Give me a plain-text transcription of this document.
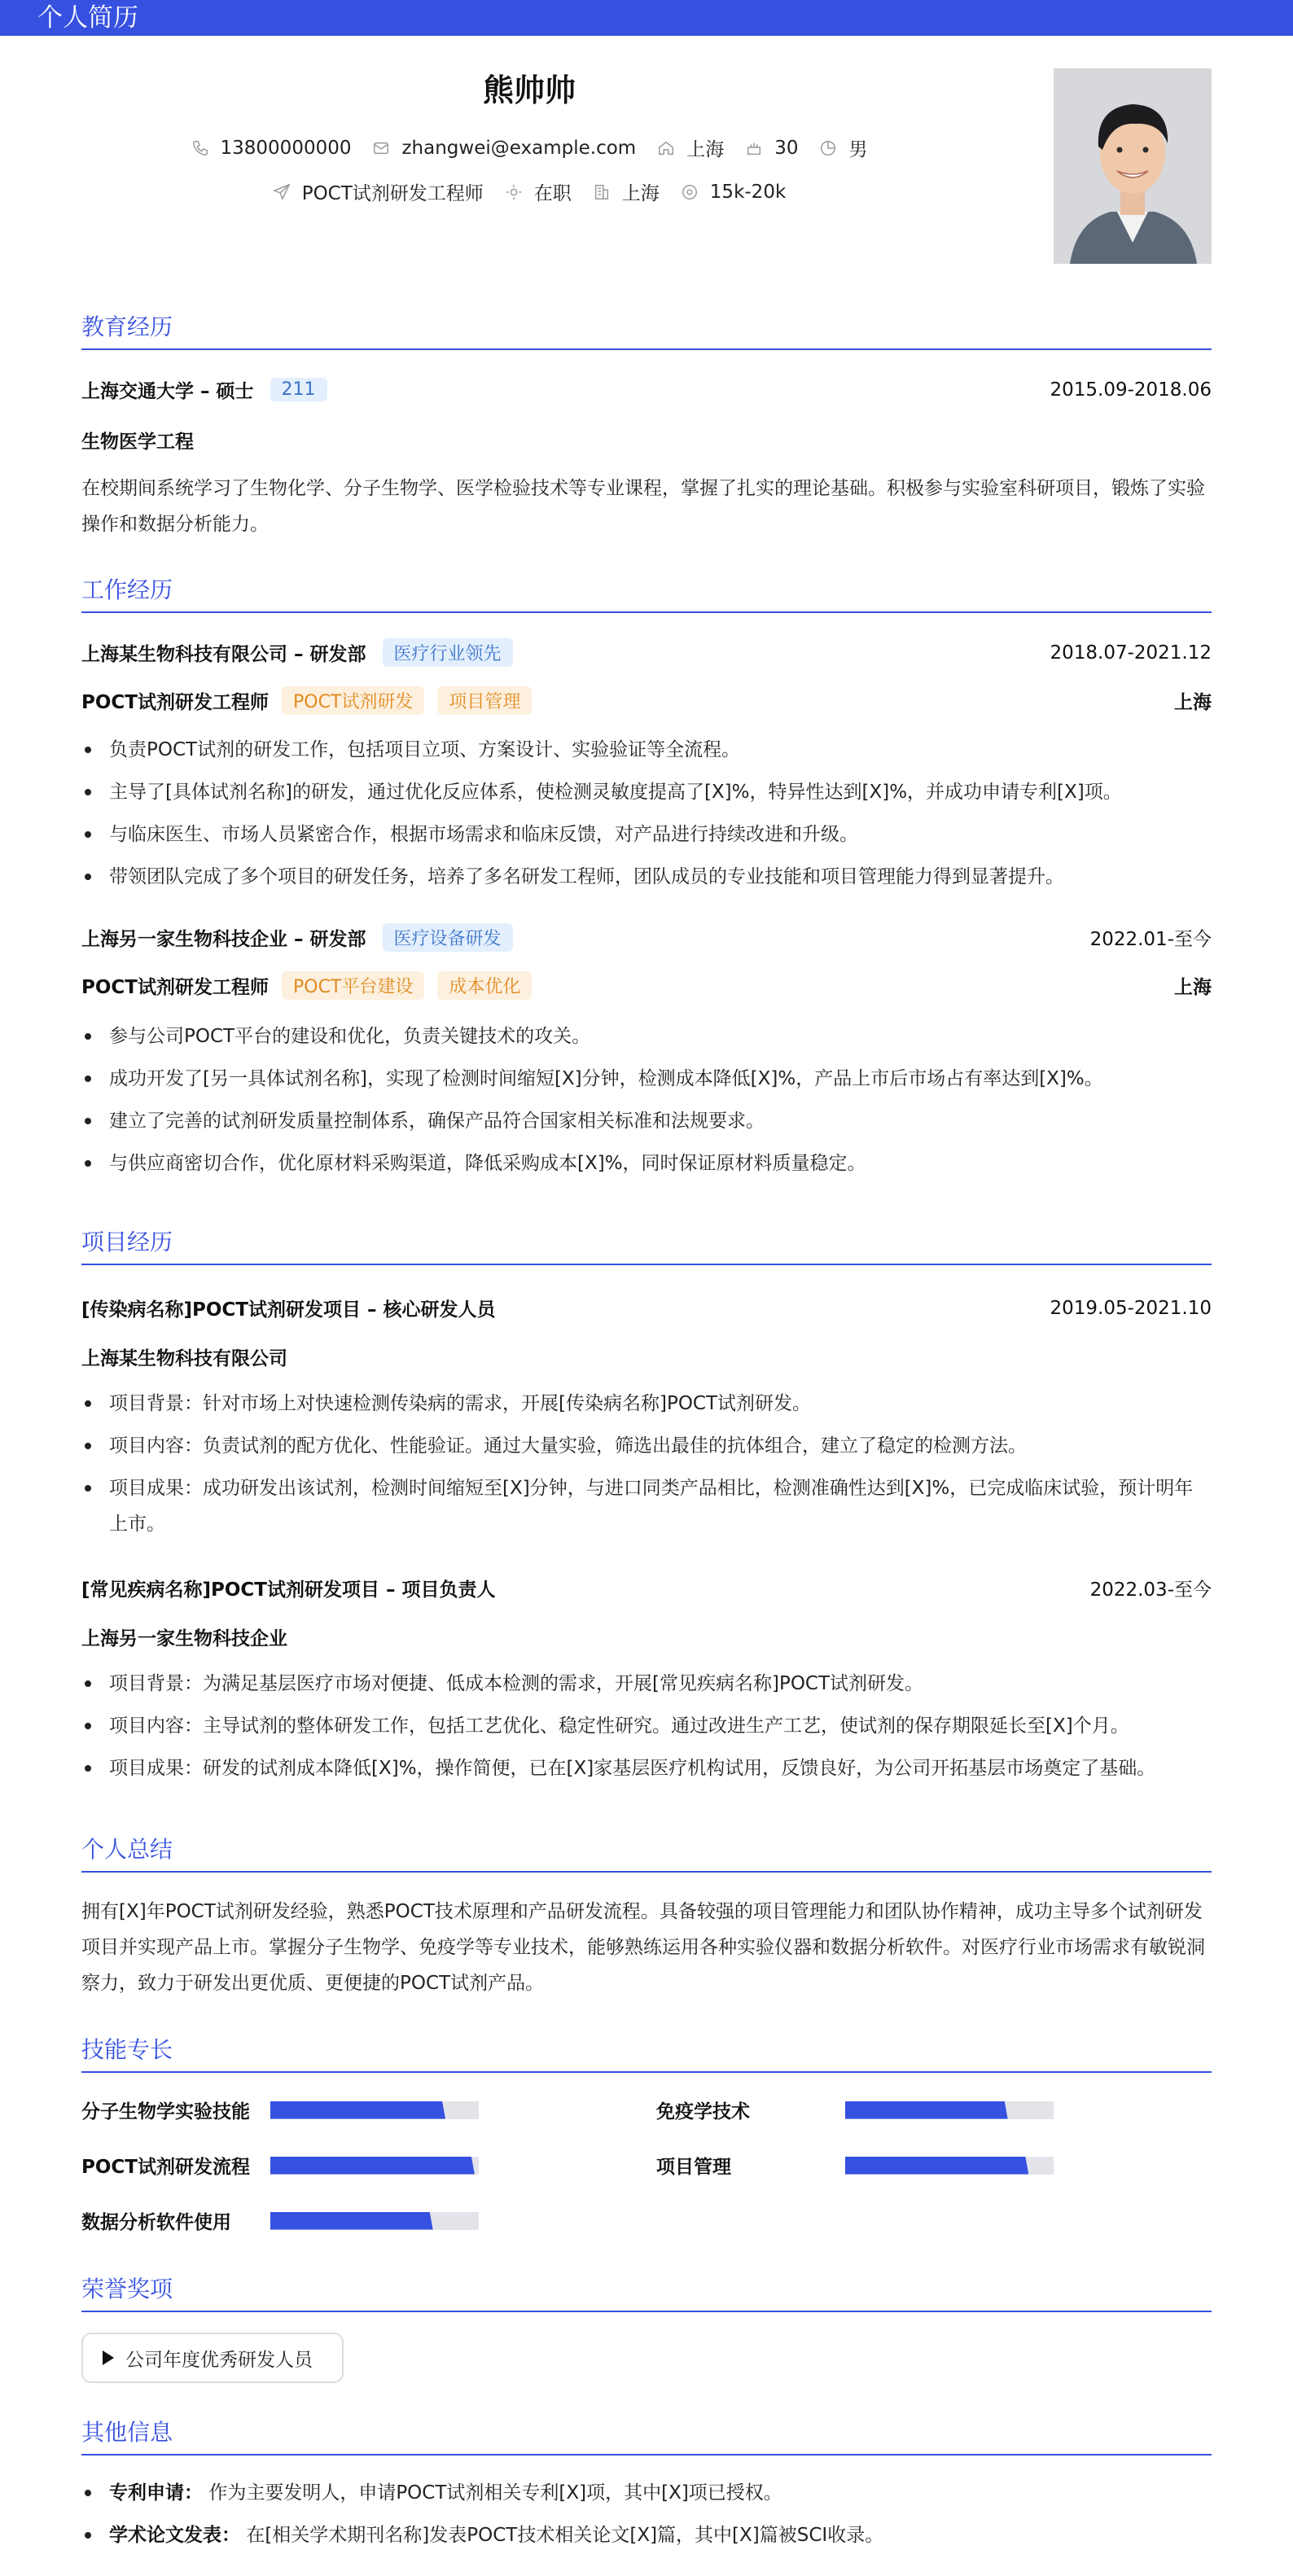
个人简历
熊帅帅
13800000000	zhangwei@example.com	上海	30	男
POCT试剂研发工程师	在职	上海	15k-20k
教育经历
上海交通大学 – 硕士	211	2015.09-2018.06
生物医学工程
在校期间系统学习了生物化学、分子生物学、医学检验技术等专业课程，掌握了扎实的理论基础。积极参与实验室科研项目，锻炼了实验操作和数据分析能力。
工作经历
上海某生物科技有限公司 – 研发部	医疗行业领先	2018.07-2021.12
POCT试剂研发工程师	POCT试剂研发	项目管理	上海
负责POCT试剂的研发工作，包括项目立项、方案设计、实验验证等全流程。
主导了[具体试剂名称]的研发，通过优化反应体系，使检测灵敏度提高了[X]%，特异性达到[X]%，并成功申请专利[X]项。
与临床医生、市场人员紧密合作，根据市场需求和临床反馈，对产品进行持续改进和升级。
带领团队完成了多个项目的研发任务，培养了多名研发工程师，团队成员的专业技能和项目管理能力得到显著提升。
上海另一家生物科技企业 – 研发部	医疗设备研发	2022.01-至今
POCT试剂研发工程师	POCT平台建设	成本优化	上海
参与公司POCT平台的建设和优化，负责关键技术的攻关。
成功开发了[另一具体试剂名称]，实现了检测时间缩短[X]分钟，检测成本降低[X]%，产品上市后市场占有率达到[X]%。
建立了完善的试剂研发质量控制体系，确保产品符合国家相关标准和法规要求。
与供应商密切合作，优化原材料采购渠道，降低采购成本[X]%，同时保证原材料质量稳定。
项目经历
[传染病名称]POCT试剂研发项目 – 核心研发人员	2019.05-2021.10
上海某生物科技有限公司
项目背景：针对市场上对快速检测传染病的需求，开展[传染病名称]POCT试剂研发。
项目内容：负责试剂的配方优化、性能验证。通过大量实验，筛选出最佳的抗体组合，建立了稳定的检测方法。
项目成果：成功研发出该试剂，检测时间缩短至[X]分钟，与进口同类产品相比，检测准确性达到[X]%，已完成临床试验，预计明年上市。
[常见疾病名称]POCT试剂研发项目 – 项目负责人	2022.03-至今
上海另一家生物科技企业
项目背景：为满足基层医疗市场对便捷、低成本检测的需求，开展[常见疾病名称]POCT试剂研发。
项目内容：主导试剂的整体研发工作，包括工艺优化、稳定性研究。通过改进生产工艺，使试剂的保存期限延长至[X]个月。
项目成果：研发的试剂成本降低[X]%，操作简便，已在[X]家基层医疗机构试用，反馈良好，为公司开拓基层市场奠定了基础。
个人总结
拥有[X]年POCT试剂研发经验，熟悉POCT技术原理和产品研发流程。具备较强的项目管理能力和团队协作精神，成功主导多个试剂研发项目并实现产品上市。掌握分子生物学、免疫学等专业技术，能够熟练运用各种实验仪器和数据分析软件。对医疗行业市场需求有敏锐洞察力，致力于研发出更优质、更便捷的POCT试剂产品。
技能专长
分子生物学实验技能	免疫学技术
POCT试剂研发流程	项目管理
数据分析软件使用
荣誉奖项
公司年度优秀研发人员
其他信息
专利申请： 作为主要发明人，申请POCT试剂相关专利[X]项，其中[X]项已授权。
学术论文发表： 在[相关学术期刊名称]发表POCT技术相关论文[X]篇，其中[X]篇被SCI收录。
